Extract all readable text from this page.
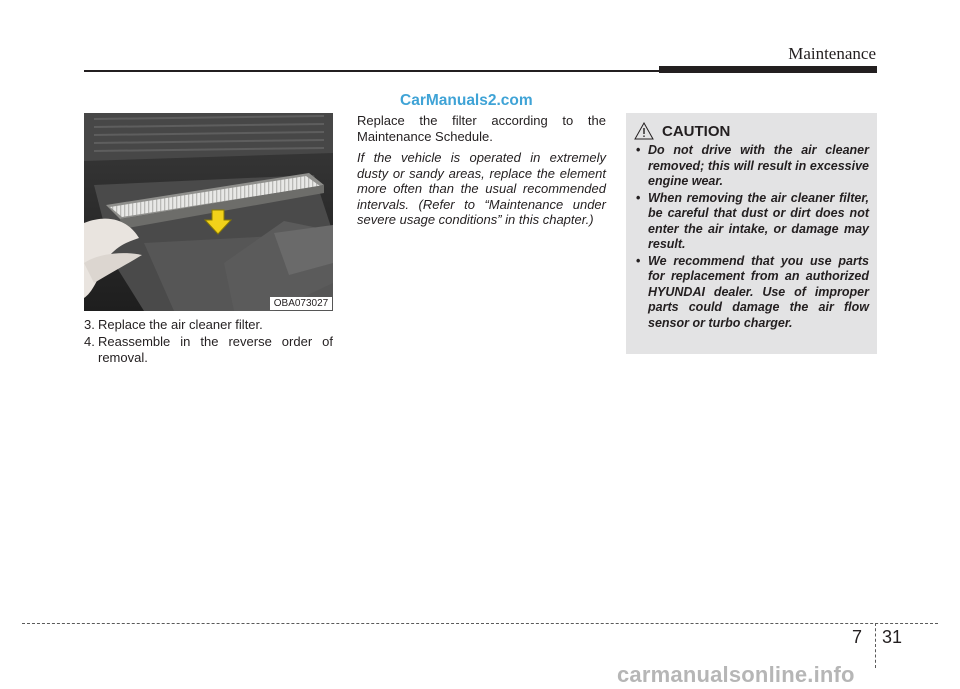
Maintenance
CarManuals2.com
OBA073027
3. Replace the air cleaner filter.
4. Reassemble in the reverse order of removal.

Replace the filter according to the Maintenance Schedule.

If the vehicle is operated in extremely dusty or sandy areas, replace the element more often than the usual recommended intervals. (Refer to “Maintenance under severe usage conditions” in this chapter.)

CAUTION
• Do not drive with the air cleaner removed; this will result in excessive engine wear.
• When removing the air cleaner filter, be careful that dust or dirt does not enter the air intake, or damage may result.
• We recommend that you use parts for replacement from an authorized HYUNDAI dealer. Use of improper parts could damage the air flow sensor or turbo charger.
7 31
carmanualsonline.info
